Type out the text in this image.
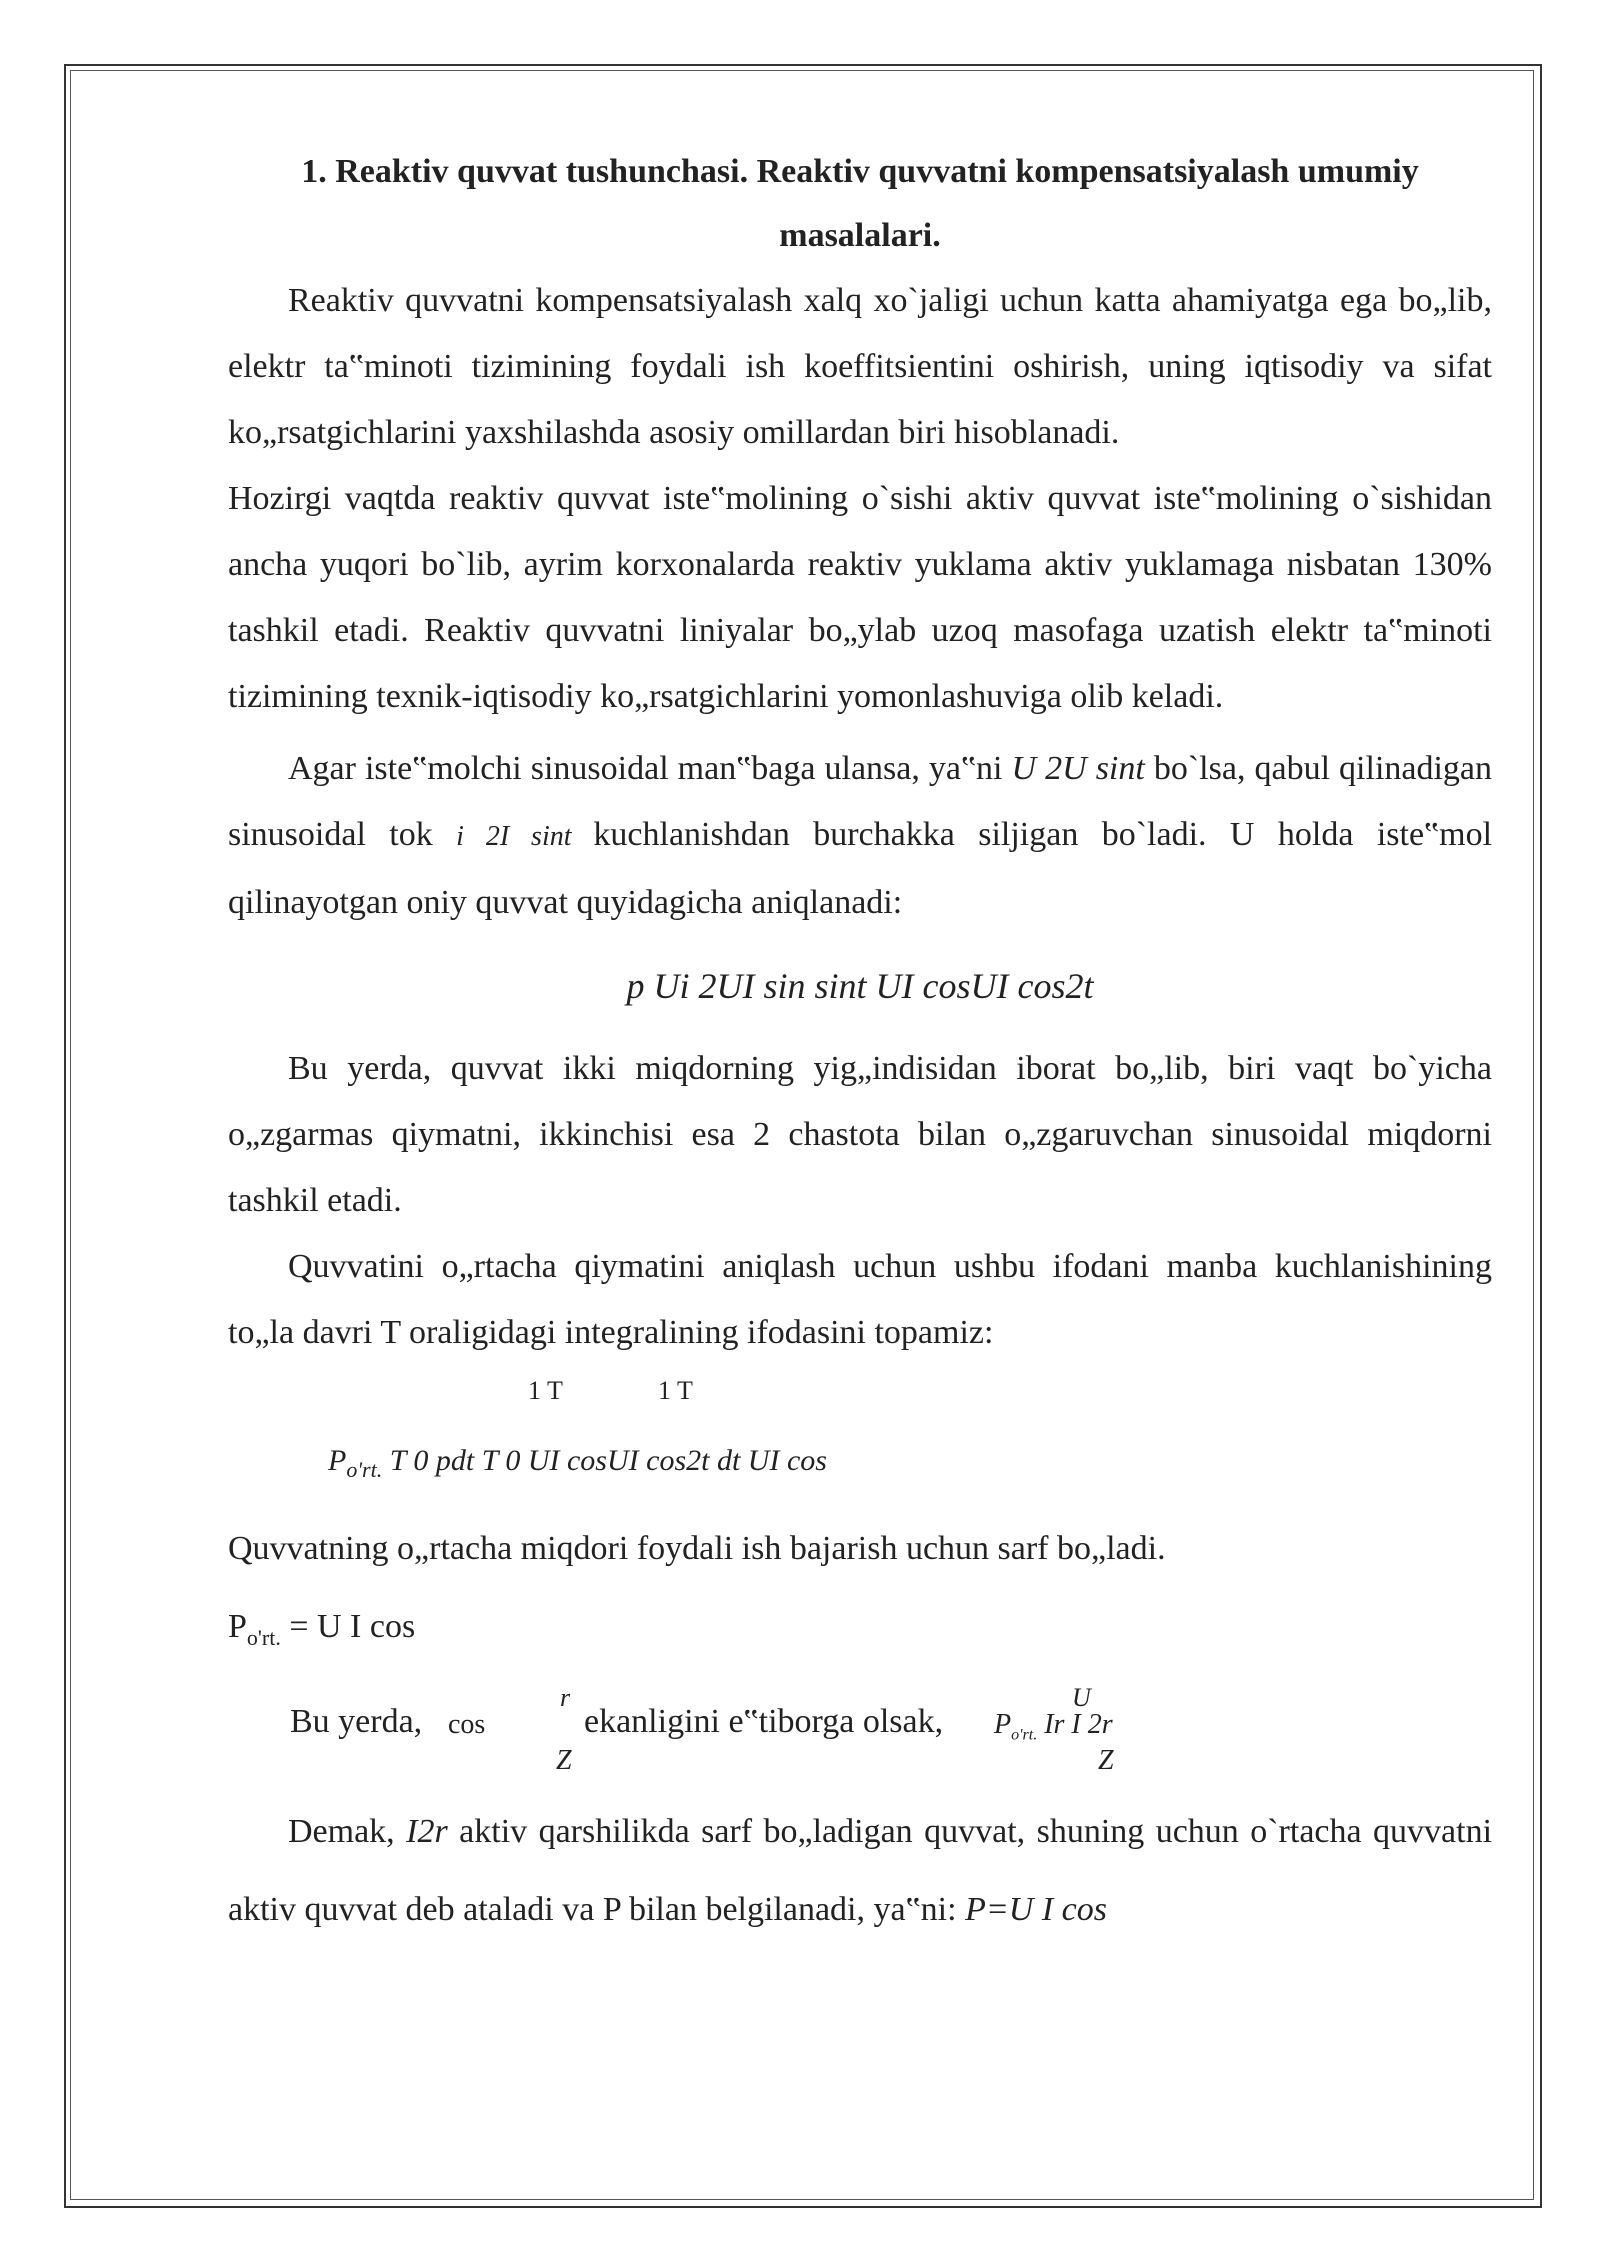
1. Reaktiv quvvat tushunchasi. Reaktiv quvvatni kompensatsiyalash umumiy

masalalari.

Reaktiv quvvatni kompensatsiyalash xalq xo`jaligi uchun katta ahamiyatga ega bo„lib, elektr ta‟minoti tizimining foydali ish koeffitsientini oshirish, uning iqtisodiy va sifat ko„rsatgichlarini yaxshilashda asosiy omillardan biri hisoblanadi.

Hozirgi vaqtda reaktiv quvvat iste‟molining o`sishi aktiv quvvat iste‟molining o`sishidan ancha yuqori bo`lib, ayrim korxonalarda reaktiv yuklama aktiv yuklamaga nisbatan 130% tashkil etadi. Reaktiv quvvatni liniyalar bo„ylab uzoq masofaga uzatish elektr ta‟minoti tizimining texnik-iqtisodiy ko„rsatgichlarini yomonlashuviga olib keladi.

Agar iste‟molchi sinusoidal man‟baga ulansa, ya‟ni U 2U sint bo`lsa, qabul qilinadigan sinusoidal tok i 2I sint kuchlanishdan burchakka siljigan bo`ladi. U holda iste‟mol qilinayotgan oniy quvvat quyidagicha aniqlanadi:

p Ui 2UI sin sint UI cosUI cos2t

Bu yerda, quvvat ikki miqdorning yig„indisidan iborat bo„lib, biri vaqt bo`yicha o„zgarmas qiymatni, ikkinchisi esa 2 chastota bilan o„zgaruvchan sinusoidal miqdorni tashkil etadi.

Quvvatini o„rtacha qiymatini aniqlash uchun ushbu ifodani manba kuchlanishining to„la davri T oraligidagi integralining ifodasini topamiz:

1 T	1 T
$P_{o'rt.}$ T 0 pdt T 0 UI cosUI cos2t dt UI cos

Quvvatning o„rtacha miqdori foydali ish bajarish uchun sarf bo„ladi.

$P_{o'rt.} = U$ I cos

Bu yerda, cos
r
Z
ekanligini e‟tiborga olsak, $P_{o'rt.}$ Ir I 2r
U
Z

Demak, I2r aktiv qarshilikda sarf bo„ladigan quvvat, shuning uchun o`rtacha quvvatni aktiv quvvat deb ataladi va P bilan belgilanadi, ya‟ni: P=U I cos
